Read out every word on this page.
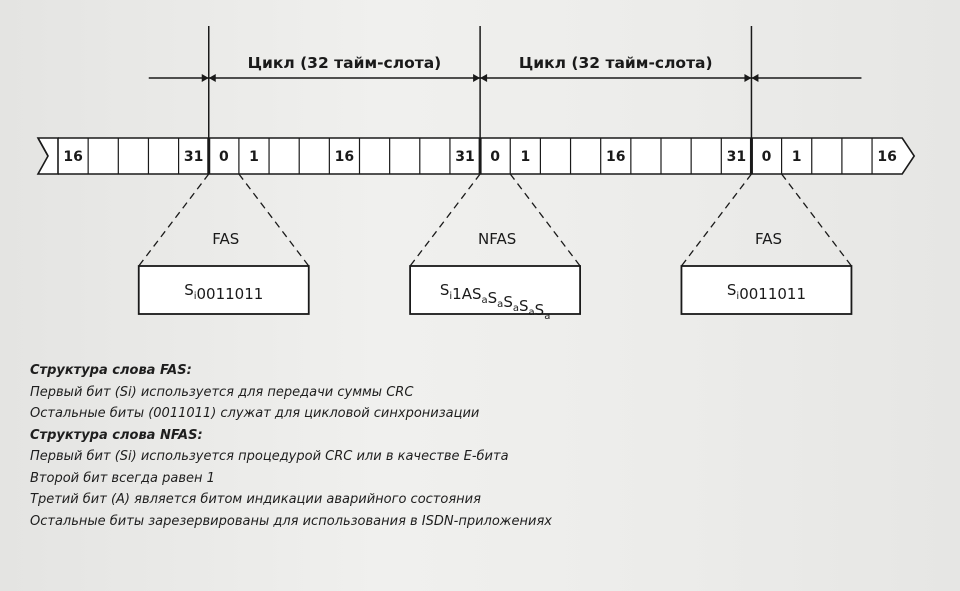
Цикл (32 тайм-слота)	Цикл (32 тайм-слота)
16	31 0 1	16	31 0 1	16	31 0 1	16
FAS
$S_i0011011$
NFAS
$S_i1AS_aS_aS_aS_aS_a$
FAS
$S_i0011011$
Структура слова FAS:
Первый бит (Si) используется для передачи суммы CRC
Остальные биты (0011011) служат для цикловой синхронизации
Структура слова NFAS:
Первый бит (Si) используется процедурой CRC или в качестве E-бита
Второй бит всегда равен 1
Третий бит (А) является битом индикации аварийного состояния
Остальные биты зарезервированы для использования в ISDN-приложениях
